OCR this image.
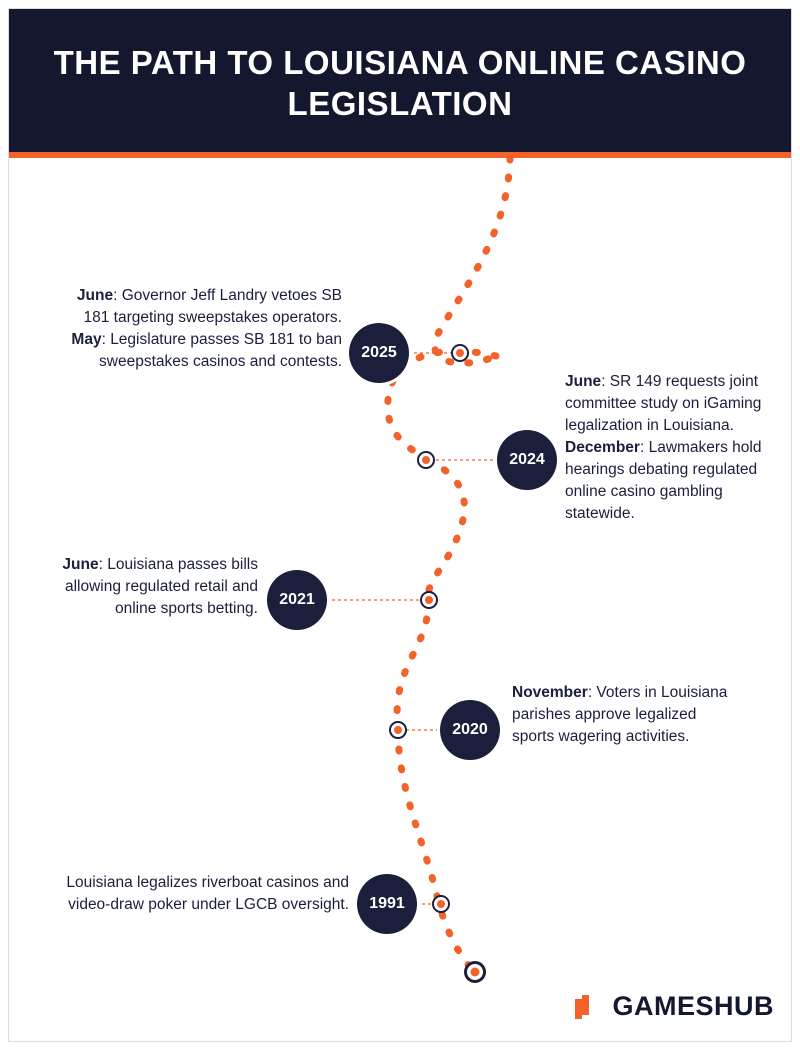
THE PATH TO LOUISIANA ONLINE CASINO LEGISLATION
2025
2024
2021
2020
1991

June: Governor Jeff Landry vetoes SB 181 targeting sweepstakes operators.

May: Legislature passes SB 181 to ban sweepstakes casinos and contests.

June: SR 149 requests joint committee study on iGaming legalization in Louisiana.

December: Lawmakers hold hearings debating regulated online casino gambling statewide.

June: Louisiana passes bills allowing regulated retail and online sports betting.

November: Voters in Louisiana parishes approve legalized sports wagering activities.

Louisiana legalizes riverboat casinos and video-draw poker under LGCB oversight.

GAMESHUB
